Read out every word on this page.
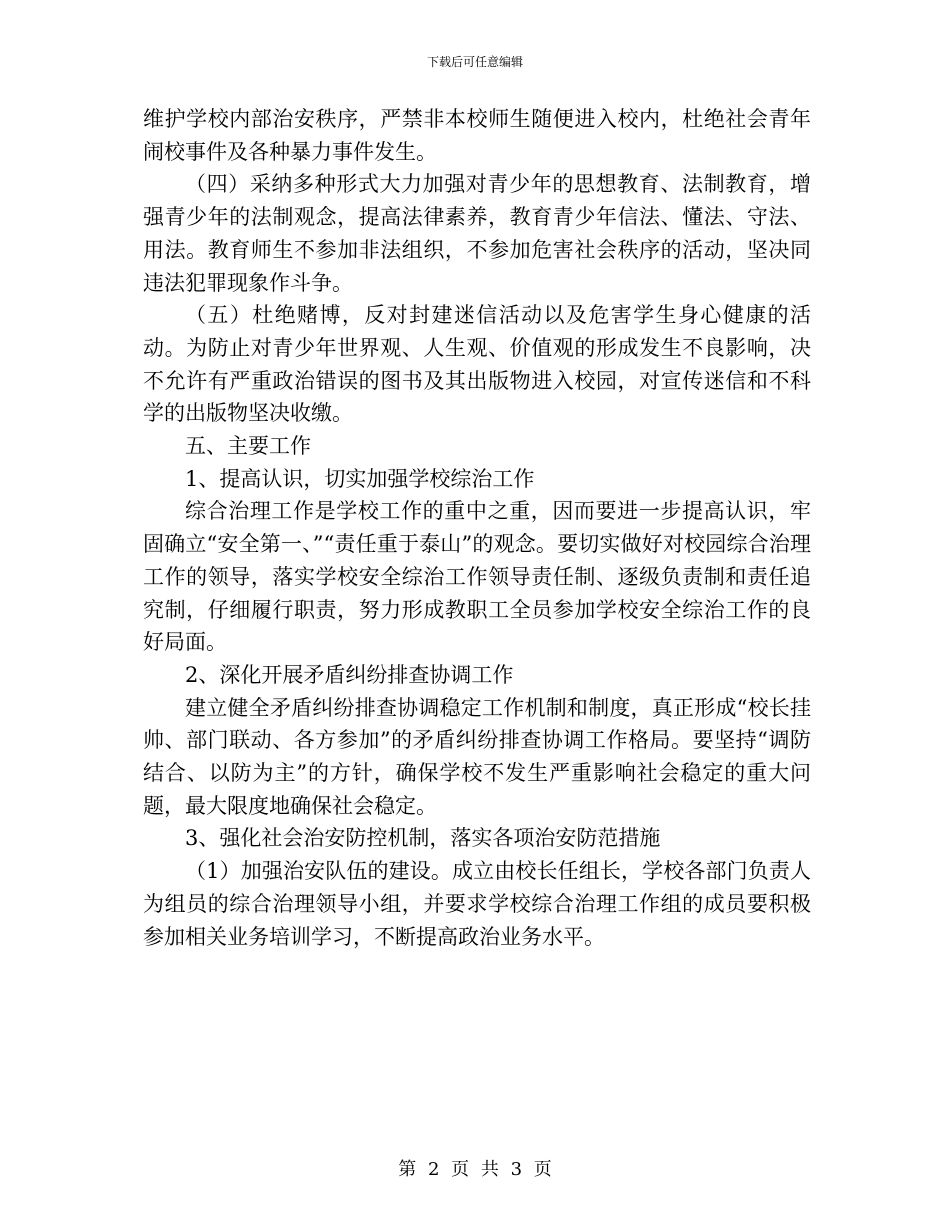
下载后可任意编辑

维护学校内部治安秩序，严禁非本校师生随便进入校内，杜绝社会青年闹校事件及各种暴力事件发生。

（四）采纳多种形式大力加强对青少年的思想教育、法制教育，增强青少年的法制观念，提高法律素养，教育青少年信法、懂法、守法、用法。教育师生不参加非法组织，不参加危害社会秩序的活动，坚决同违法犯罪现象作斗争。

（五）杜绝赌博，反对封建迷信活动以及危害学生身心健康的活动。为防止对青少年世界观、人生观、价值观的形成发生不良影响，决不允许有严重政治错误的图书及其出版物进入校园，对宣传迷信和不科学的出版物坚决收缴。

五、主要工作

1、提高认识，切实加强学校综治工作

综合治理工作是学校工作的重中之重，因而要进一步提高认识，牢固确立“安全第一、”“责任重于泰山”的观念。要切实做好对校园综合治理工作的领导，落实学校安全综治工作领导责任制、逐级负责制和责任追究制，仔细履行职责，努力形成教职工全员参加学校安全综治工作的良好局面。

2、深化开展矛盾纠纷排查协调工作

建立健全矛盾纠纷排查协调稳定工作机制和制度，真正形成“校长挂帅、部门联动、各方参加”的矛盾纠纷排查协调工作格局。要坚持“调防结合、以防为主”的方针，确保学校不发生严重影响社会稳定的重大问题，最大限度地确保社会稳定。

3、强化社会治安防控机制，落实各项治安防范措施

（1）加强治安队伍的建设。成立由校长任组长，学校各部门负责人为组员的综合治理领导小组，并要求学校综合治理工作组的成员要积极参加相关业务培训学习，不断提高政治业务水平。

第 2 页 共 3 页
